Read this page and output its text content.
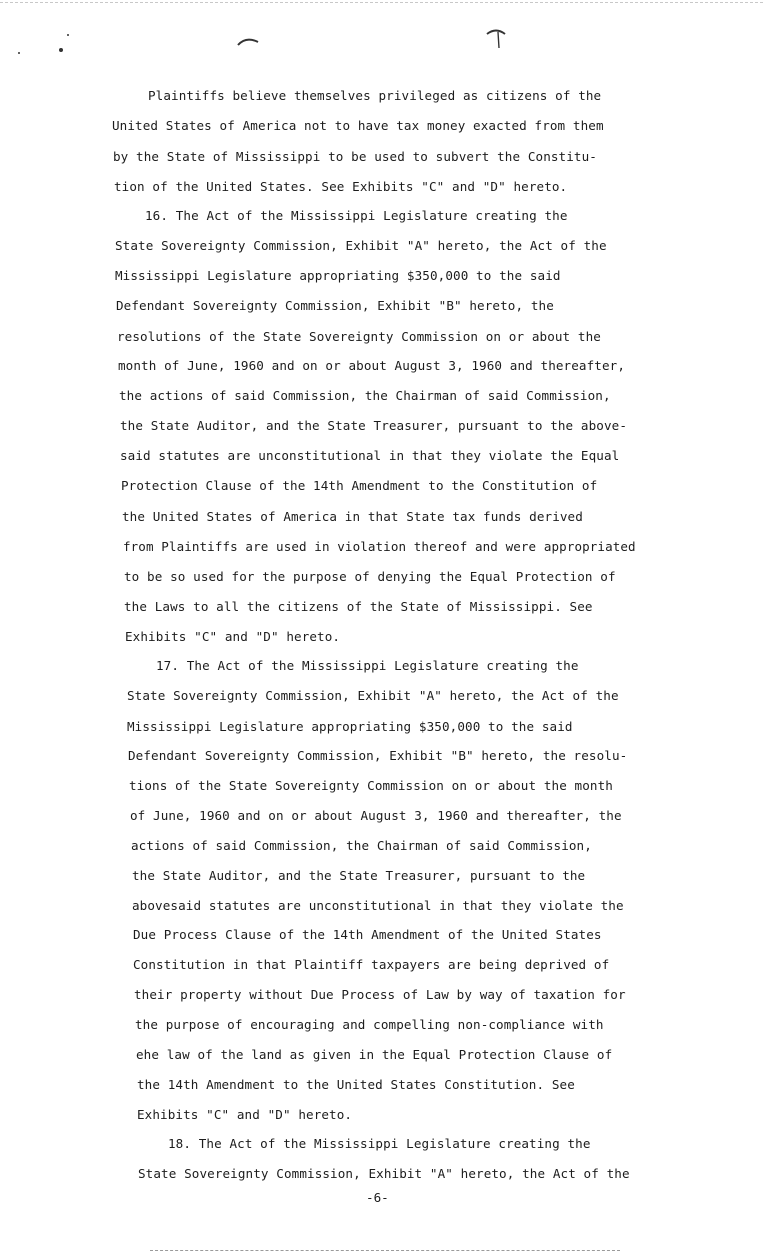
Plaintiffs believe themselves privileged as citizens of the
United States of America not to have tax money exacted from them
by the State of Mississippi to be used to subvert the Constitu-
tion of the United States. See Exhibits "C" and "D" hereto.
16. The Act of the Mississippi Legislature creating the
State Sovereignty Commission, Exhibit "A" hereto, the Act of the
Mississippi Legislature appropriating $350,000 to the said
Defendant Sovereignty Commission, Exhibit "B" hereto, the
resolutions of the State Sovereignty Commission on or about the
month of June, 1960 and on or about August 3, 1960 and thereafter,
the actions of said Commission, the Chairman of said Commission,
the State Auditor, and the State Treasurer, pursuant to the above-
said statutes are unconstitutional in that they violate the Equal
Protection Clause of the 14th Amendment to the Constitution of
the United States of America in that State tax funds derived
from Plaintiffs are used in violation thereof and were appropriated
to be so used for the purpose of denying the Equal Protection of
the Laws to all the citizens of the State of Mississippi. See
Exhibits "C" and "D" hereto.
17. The Act of the Mississippi Legislature creating the
State Sovereignty Commission, Exhibit "A" hereto, the Act of the
Mississippi Legislature appropriating $350,000 to the said
Defendant Sovereignty Commission, Exhibit "B" hereto, the resolu-
tions of the State Sovereignty Commission on or about the month
of June, 1960 and on or about August 3, 1960 and thereafter, the
actions of said Commission, the Chairman of said Commission,
the State Auditor, and the State Treasurer, pursuant to the
abovesaid statutes are unconstitutional in that they violate the
Due Process Clause of the 14th Amendment of the United States
Constitution in that Plaintiff taxpayers are being deprived of
their property without Due Process of Law by way of taxation for
the purpose of encouraging and compelling non-compliance with
ehe law of the land as given in the Equal Protection Clause of
the 14th Amendment to the United States Constitution. See
Exhibits "C" and "D" hereto.
18. The Act of the Mississippi Legislature creating the
State Sovereignty Commission, Exhibit "A" hereto, the Act of the
-6-
